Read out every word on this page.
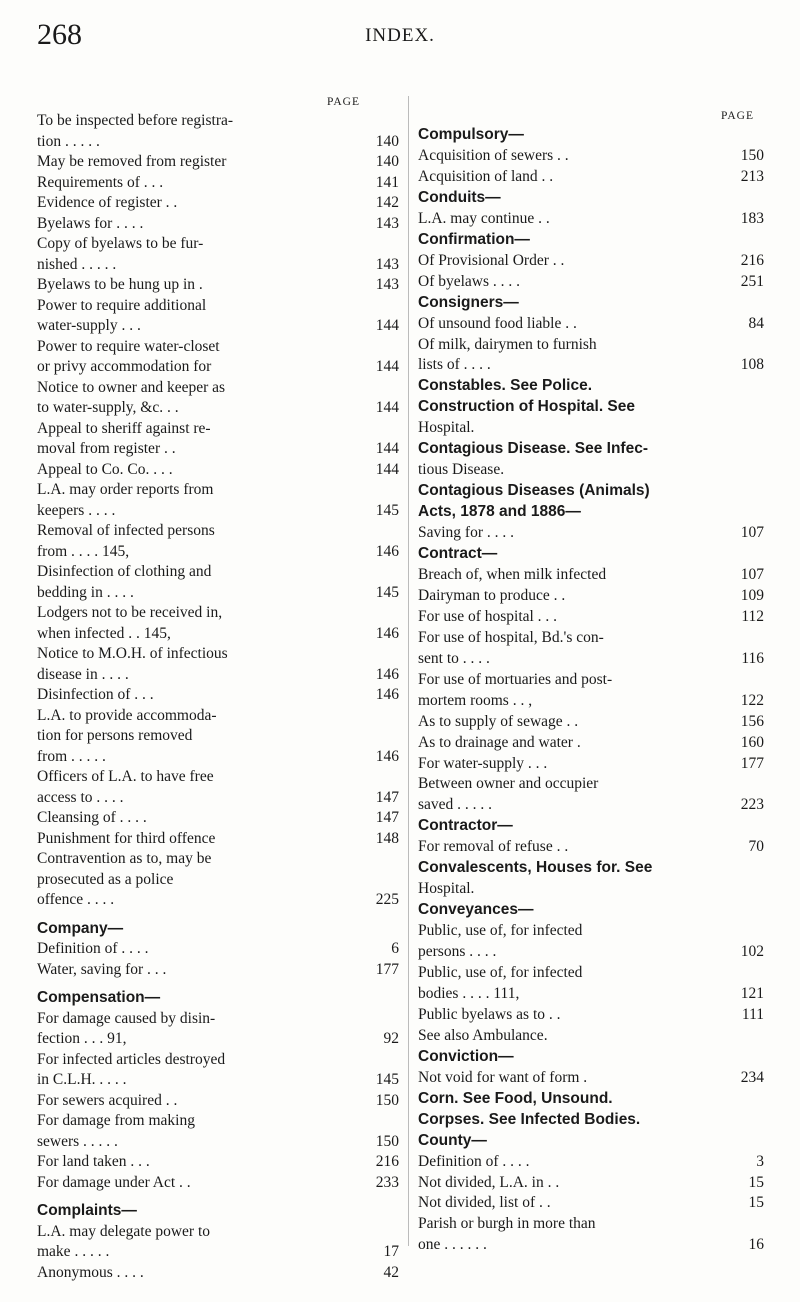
268	INDEX.
PAGE
To be inspected before registra-
tion . . . . .	140
May be removed from register	140
Requirements of . . .	141
Evidence of register . .	142
Byelaws for . . . .	143
Copy of byelaws to be fur-
nished . . . . .	143
Byelaws to be hung up in .	143
Power to require additional
water-supply . . .	144
Power to require water-closet
or privy accommodation for	144
Notice to owner and keeper as
to water-supply, &c. . .	144
Appeal to sheriff against re-
moval from register . .	144
Appeal to Co. Co. . . .	144
L.A. may order reports from
keepers . . . .	145
Removal of infected persons
from . . . . 145,	146
Disinfection of clothing and
bedding in . . . .	145
Lodgers not to be received in,
when infected . . 145,	146
Notice to M.O.H. of infectious
disease in . . . .	146
Disinfection of . . .	146
L.A. to provide accommoda-
tion for persons removed
from . . . . .	146
Officers of L.A. to have free
access to . . . .	147
Cleansing of . . . .	147
Punishment for third offence	148
Contravention as to, may be
prosecuted as a police
offence . . . .	225
Company—
Definition of . . . .	6
Water, saving for . . .	177
Compensation—
For damage caused by disin-
fection . . . 91,	92
For infected articles destroyed
in C.L.H. . . . .	145
For sewers acquired . .	150
For damage from making
sewers . . . . .	150
For land taken . . .	216
For damage under Act . .	233
Complaints—
L.A. may delegate power to
make . . . . .	17
Anonymous . . . .	42
PAGE
Compulsory—
Acquisition of sewers . .	150
Acquisition of land . .	213
Conduits—
L.A. may continue . .	183
Confirmation—
Of Provisional Order . .	216
Of byelaws . . . .	251
Consigners—
Of unsound food liable . .	84
Of milk, dairymen to furnish
lists of . . . .	108
Constables. See Police.
Construction of Hospital. See
Hospital.
Contagious Disease. See Infec-
tious Disease.
Contagious Diseases (Animals)
Acts, 1878 and 1886—
Saving for . . . .	107
Contract—
Breach of, when milk infected	107
Dairyman to produce . .	109
For use of hospital . . .	112
For use of hospital, Bd.'s con-
sent to . . . .	116
For use of mortuaries and post-
mortem rooms . . ,	122
As to supply of sewage . .	156
As to drainage and water .	160
For water-supply . . .	177
Between owner and occupier
saved . . . . .	223
Contractor—
For removal of refuse . .	70
Convalescents, Houses for. See
Hospital.
Conveyances—
Public, use of, for infected
persons . . . .	102
Public, use of, for infected
bodies . . . . 111,	121
Public byelaws as to . .	111
See also Ambulance.
Conviction—
Not void for want of form .	234
Corn. See Food, Unsound.
Corpses. See Infected Bodies.
County—
Definition of . . . .	3
Not divided, L.A. in . .	15
Not divided, list of . .	15
Parish or burgh in more than
one . . . . . .	16
